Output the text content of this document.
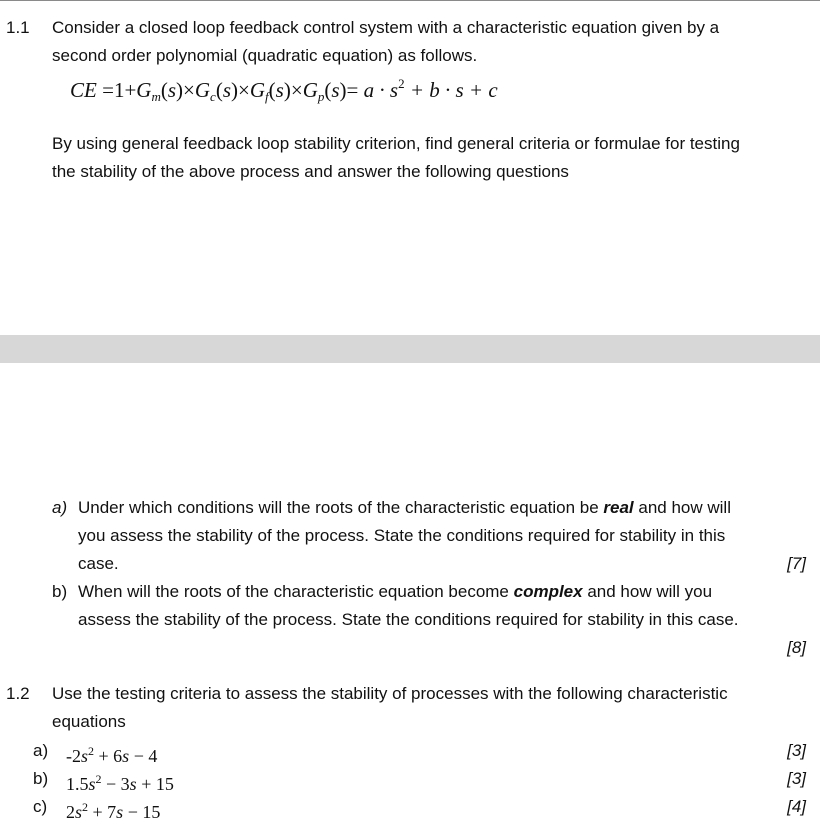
1.1 Consider a closed loop feedback control system with a characteristic equation given by a
second order polynomial (quadratic equation) as follows.
CE $=1+G_m(s)\times G_c(s)\times G_f(s)\times G_p(s)= a \cdot s^2 + b \cdot s + c$
By using general feedback loop stability criterion, find general criteria or formulae for testing
the stability of the above process and answer the following questions
a) Under which conditions will the roots of the characteristic equation be real and how will
you assess the stability of the process. State the conditions required for stability in this
case.	[7]
b) When will the roots of the characteristic equation become complex and how will you
assess the stability of the process. State the conditions required for stability in this case.
[8]
1.2 Use the testing criteria to assess the stability of processes with the following characteristic
equations
a) $-2s^2 + 6s - 4$	[3]
b) $1.5s^2 - 3s + 15$	[3]
c) $2s^2 + 7s - 15$	[4]
